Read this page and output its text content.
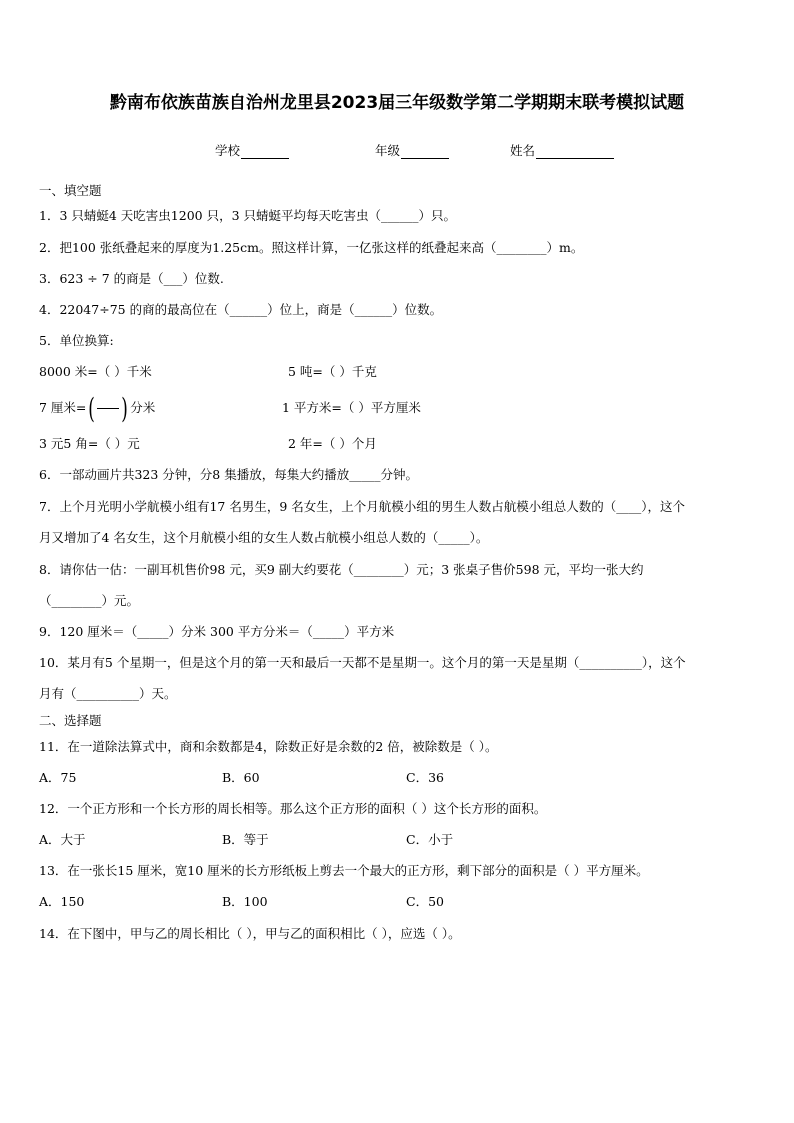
黔南布依族苗族自治州龙里县2023届三年级数学第二学期期末联考模拟试题
学校	年级	姓名
一、填空题
1．3 只蜻蜓4 天吃害虫1200 只，3 只蜻蜓平均每天吃害虫（______）只。
2．把100 张纸叠起来的厚度为1.25cm。照这样计算，一亿张这样的纸叠起来高（________）m。
3．623 ÷ 7 的商是（___）位数.
4．22047÷75 的商的最高位在（______）位上，商是（______）位数。
5．单位换算:
8000 米=（ ）千米	5 吨=（ ）千克
7 厘米= ( ) 分米	1 平方米=（ ）平方厘米
3 元5 角=（ ）元	2 年=（ ）个月
6．一部动画片共323 分钟，分8 集播放，每集大约播放_____分钟。
7．上个月光明小学航模小组有17 名男生，9 名女生，上个月航模小组的男生人数占航模小组总人数的（____），这个
月又增加了4 名女生，这个月航模小组的女生人数占航模小组总人数的（_____）。
8．请你估一估：一副耳机售价98 元，买9 副大约要花（________）元；3 张桌子售价598 元，平均一张大约
（________）元。
9．120 厘米＝（_____）分米 300 平方分米＝（_____）平方米
10．某月有5 个星期一，但是这个月的第一天和最后一天都不是星期一。这个月的第一天是星期（__________），这个
月有（__________）天。
二、选择题
11．在一道除法算式中，商和余数都是4，除数正好是余数的2 倍，被除数是（ ）。
A．75	B．60	C．36
12．一个正方形和一个长方形的周长相等。那么这个正方形的面积（ ）这个长方形的面积。
A．大于	B．等于	C．小于
13．在一张长15 厘米，宽10 厘米的长方形纸板上剪去一个最大的正方形，剩下部分的面积是（ ）平方厘米。
A．150	B．100	C．50
14．在下图中，甲与乙的周长相比（ ），甲与乙的面积相比（ ），应选（ ）。
